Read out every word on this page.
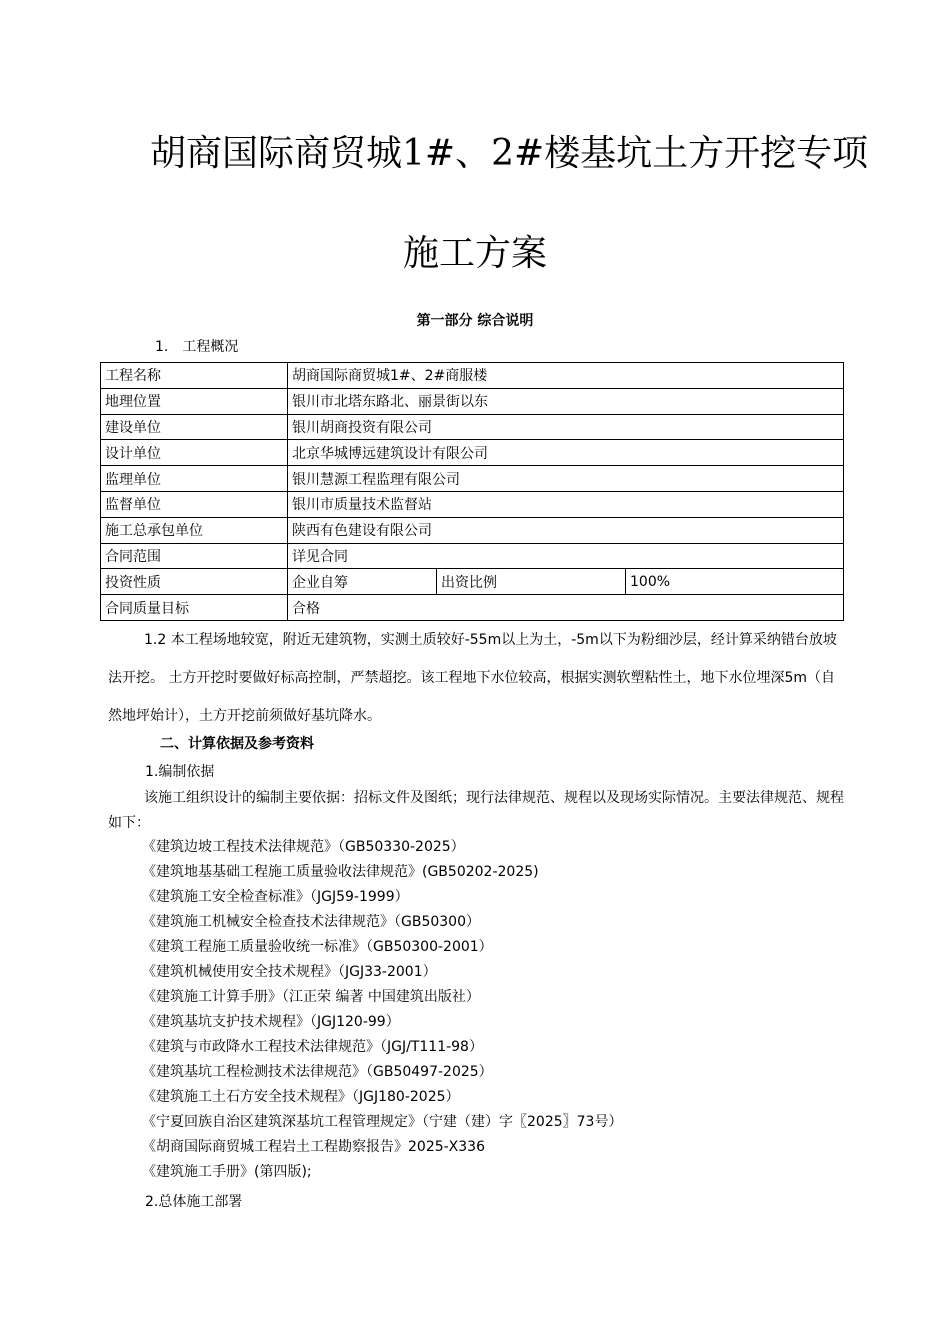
胡商国际商贸城1#、2#楼基坑土方开挖专项
施工方案
第一部分 综合说明
1. 工程概况
工程名称	胡商国际商贸城1#、2#商服楼		
地理位置	银川市北塔东路北、丽景街以东		
建设单位	银川胡商投资有限公司		
设计单位	北京华城博远建筑设计有限公司		
监理单位	银川慧源工程监理有限公司		
监督单位	银川市质量技术监督站		
施工总承包单位	陕西有色建设有限公司		
合同范围	详见合同		
投资性质	企业自筹	出资比例	100%
合同质量目标	合格		
1.2 本工程场地较宽，附近无建筑物，实测土质较好-55m以上为土，-5m以下为粉细沙层，经计算采纳错台放坡法开挖。 土方开挖时要做好标高控制，严禁超挖。该工程地下水位较高，根据实测软塑粘性土，地下水位埋深5m（自然地坪始计），土方开挖前须做好基坑降水。
二、计算依据及参考资料
1.编制依据
该施工组织设计的编制主要依据：招标文件及图纸；现行法律规范、规程以及现场实际情况。主要法律规范、规程如下：
《建筑边坡工程技术法律规范》（GB50330-2025）
《建筑地基基础工程施工质量验收法律规范》(GB50202-2025)
《建筑施工安全检查标准》（JGJ59-1999）
《建筑施工机械安全检查技术法律规范》（GB50300）
《建筑工程施工质量验收统一标准》（GB50300-2001）
《建筑机械使用安全技术规程》（JGJ33-2001）
《建筑施工计算手册》（江正荣 编著 中国建筑出版社）
《建筑基坑支护技术规程》（JGJ120-99）
《建筑与市政降水工程技术法律规范》（JGJ/T111-98）
《建筑基坑工程检测技术法律规范》（GB50497-2025）
《建筑施工土石方安全技术规程》（JGJ180-2025）
《宁夏回族自治区建筑深基坑工程管理规定》（宁建（建）字〖2025〗73号）
《胡商国际商贸城工程岩土工程勘察报告》2025-X336
《建筑施工手册》(第四版);
2.总体施工部署
